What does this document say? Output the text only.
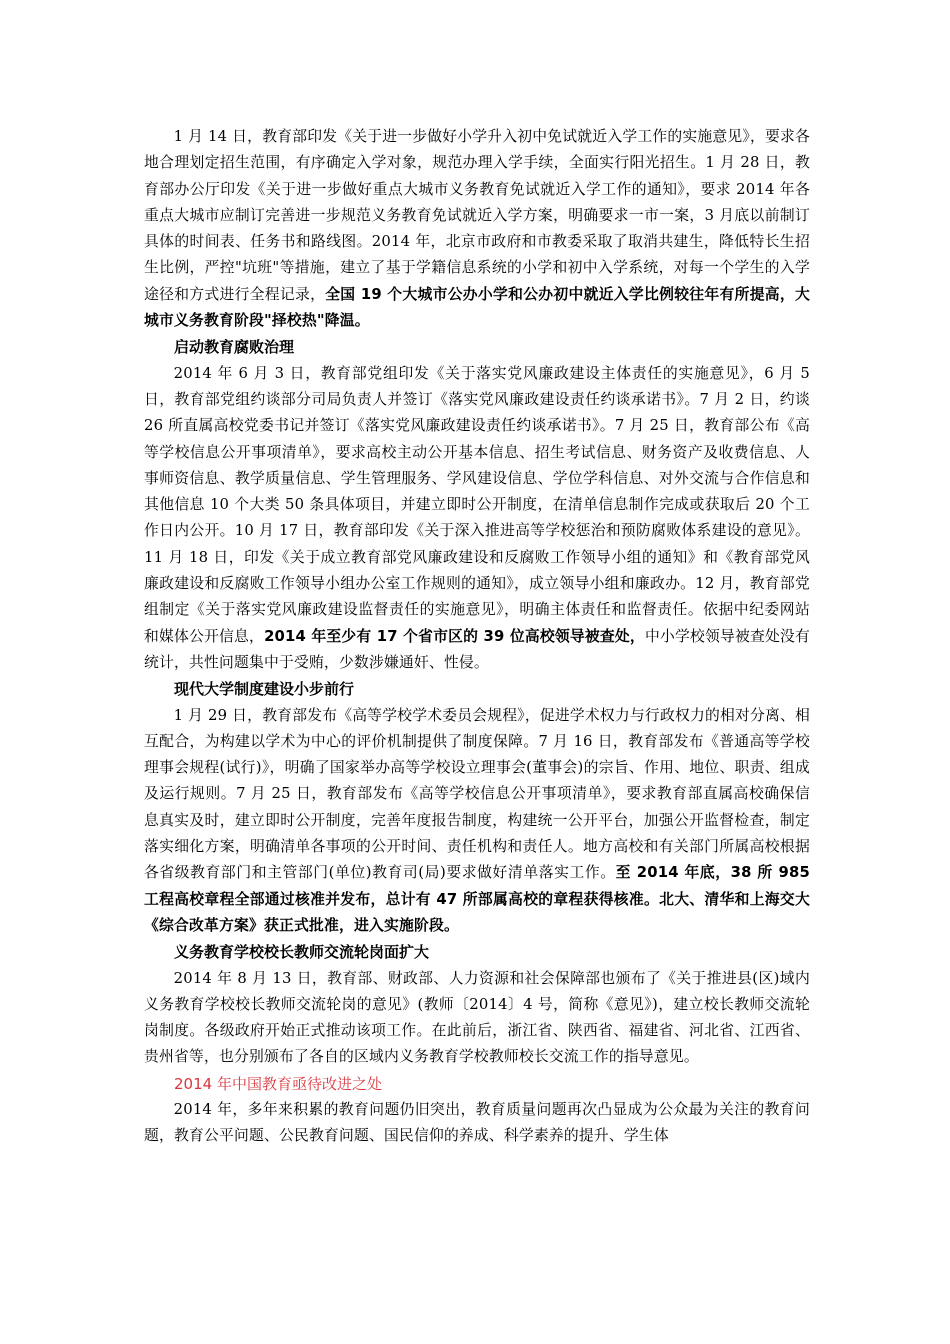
1 月 14 日，教育部印发《关于进一步做好小学升入初中免试就近入学工作的实施意见》，要求各地合理划定招生范围，有序确定入学对象，规范办理入学手续，全面实行阳光招生。1 月 28 日，教育部办公厅印发《关于进一步做好重点大城市义务教育免试就近入学工作的通知》，要求 2014 年各重点大城市应制订完善进一步规范义务教育免试就近入学方案，明确要求一市一案，3 月底以前制订具体的时间表、任务书和路线图。2014 年，北京市政府和市教委采取了取消共建生，降低特长生招生比例，严控"坑班"等措施，建立了基于学籍信息系统的小学和初中入学系统，对每一个学生的入学途径和方式进行全程记录，全国 19 个大城市公办小学和公办初中就近入学比例较往年有所提高，大城市义务教育阶段"择校热"降温。

启动教育腐败治理

2014 年 6 月 3 日，教育部党组印发《关于落实党风廉政建设主体责任的实施意见》，6 月 5 日，教育部党组约谈部分司局负责人并签订《落实党风廉政建设责任约谈承诺书》。7 月 2 日，约谈 26 所直属高校党委书记并签订《落实党风廉政建设责任约谈承诺书》。7 月 25 日，教育部公布《高等学校信息公开事项清单》，要求高校主动公开基本信息、招生考试信息、财务资产及收费信息、人事师资信息、教学质量信息、学生管理服务、学风建设信息、学位学科信息、对外交流与合作信息和其他信息 10 个大类 50 条具体项目，并建立即时公开制度，在清单信息制作完成或获取后 20 个工作日内公开。10 月 17 日，教育部印发《关于深入推进高等学校惩治和预防腐败体系建设的意见》。11 月 18 日，印发《关于成立教育部党风廉政建设和反腐败工作领导小组的通知》和《教育部党风廉政建设和反腐败工作领导小组办公室工作规则的通知》，成立领导小组和廉政办。12 月，教育部党组制定《关于落实党风廉政建设监督责任的实施意见》，明确主体责任和监督责任。依据中纪委网站和媒体公开信息，2014 年至少有 17 个省市区的 39 位高校领导被查处，中小学校领导被查处没有统计，共性问题集中于受贿，少数涉嫌通奸、性侵。

现代大学制度建设小步前行

1 月 29 日，教育部发布《高等学校学术委员会规程》，促进学术权力与行政权力的相对分离、相互配合，为构建以学术为中心的评价机制提供了制度保障。7 月 16 日，教育部发布《普通高等学校理事会规程(试行)》，明确了国家举办高等学校设立理事会(董事会)的宗旨、作用、地位、职责、组成及运行规则。7 月 25 日，教育部发布《高等学校信息公开事项清单》，要求教育部直属高校确保信息真实及时，建立即时公开制度，完善年度报告制度，构建统一公开平台，加强公开监督检查，制定落实细化方案，明确清单各事项的公开时间、责任机构和责任人。地方高校和有关部门所属高校根据各省级教育部门和主管部门(单位)教育司(局)要求做好清单落实工作。至 2014 年底，38 所 985 工程高校章程全部通过核准并发布，总计有 47 所部属高校的章程获得核准。北大、清华和上海交大《综合改革方案》获正式批准，进入实施阶段。

义务教育学校校长教师交流轮岗面扩大

2014 年 8 月 13 日，教育部、财政部、人力资源和社会保障部也颁布了《关于推进县(区)域内义务教育学校校长教师交流轮岗的意见》(教师〔2014〕4 号，简称《意见》)，建立校长教师交流轮岗制度。各级政府开始正式推动该项工作。在此前后，浙江省、陕西省、福建省、河北省、江西省、贵州省等，也分别颁布了各自的区域内义务教育学校教师校长交流工作的指导意见。

2014 年中国教育亟待改进之处

2014 年，多年来积累的教育问题仍旧突出，教育质量问题再次凸显成为公众最为关注的教育问题，教育公平问题、公民教育问题、国民信仰的养成、科学素养的提升、学生体
